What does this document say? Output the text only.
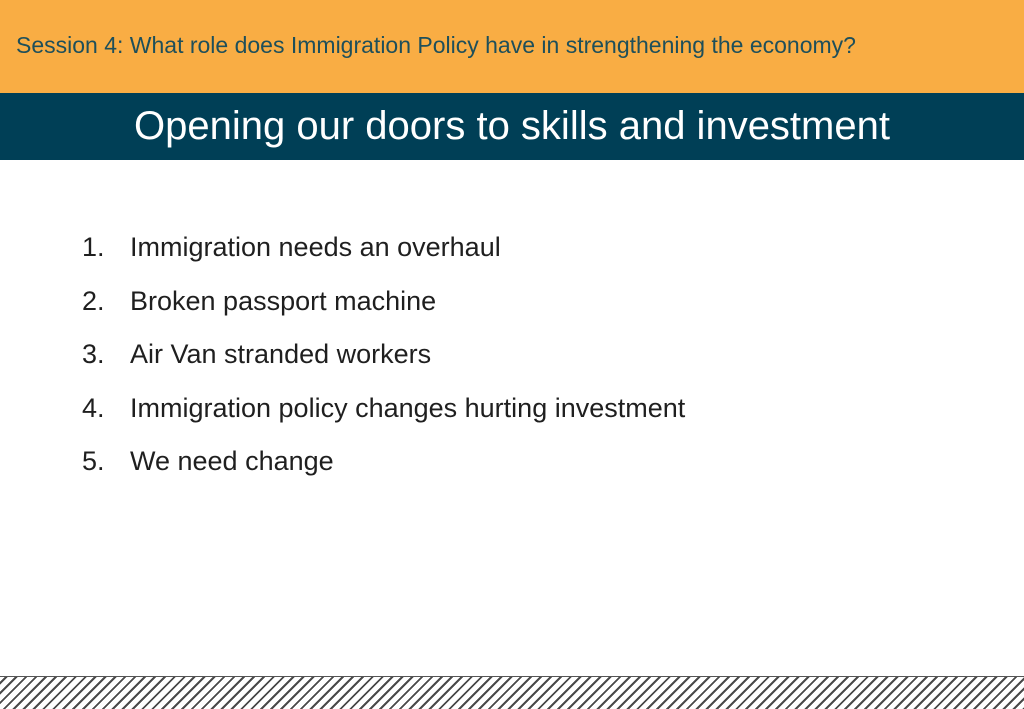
Session 4: What role does Immigration Policy have in strengthening the economy?
Opening our doors to skills and investment
1. Immigration needs an overhaul
2. Broken passport machine
3. Air Van stranded workers
4. Immigration policy changes hurting investment
5. We need change
